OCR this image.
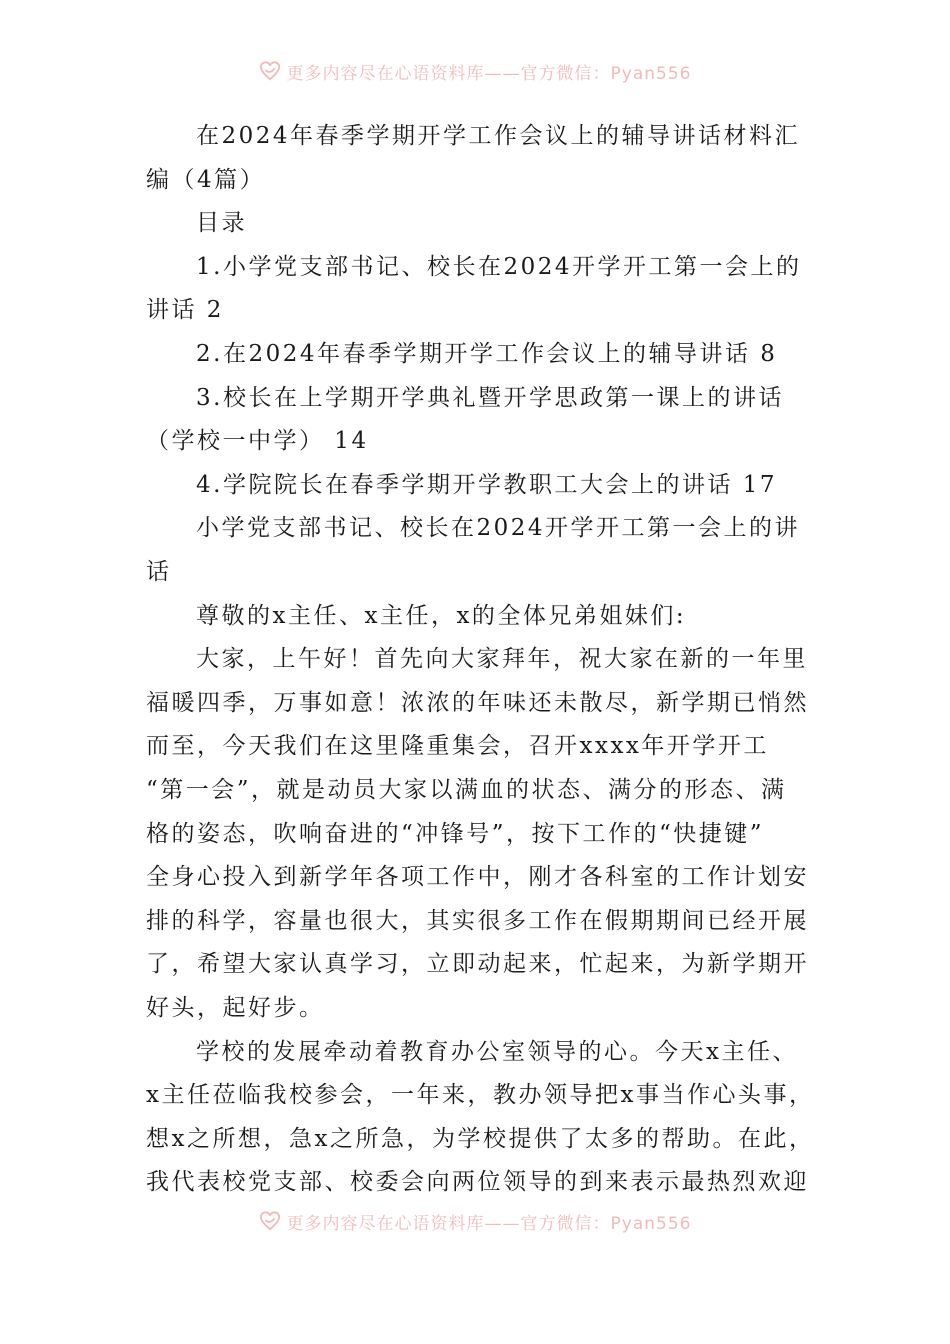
更多内容尽在心语资料库——官方微信：Pyan556
在2024年春季学期开学工作会议上的辅导讲话材料汇
编（4篇）
目录
1.小学党支部书记、校长在2024开学开工第一会上的
讲话 2
2.在2024年春季学期开学工作会议上的辅导讲话 8
3.校长在上学期开学典礼暨开学思政第一课上的讲话
（学校一中学） 14
4.学院院长在春季学期开学教职工大会上的讲话 17
小学党支部书记、校长在2024开学开工第一会上的讲
话
尊敬的x主任、x主任，x的全体兄弟姐妹们:
大家，上午好！首先向大家拜年，祝大家在新的一年里
福暖四季，万事如意！浓浓的年味还未散尽，新学期已悄然
而至，今天我们在这里隆重集会，召开xxxx年开学开工
“第一会”，就是动员大家以满血的状态、满分的形态、满
格的姿态，吹响奋进的“冲锋号”，按下工作的“快捷键”
全身心投入到新学年各项工作中，刚才各科室的工作计划安
排的科学，容量也很大，其实很多工作在假期期间已经开展
了，希望大家认真学习，立即动起来，忙起来，为新学期开
好头，起好步。
学校的发展牵动着教育办公室领导的心。今天x主任、
x主任莅临我校参会，一年来，教办领导把x事当作心头事，
想x之所想，急x之所急，为学校提供了太多的帮助。在此，
我代表校党支部、校委会向两位领导的到来表示最热烈欢迎
更多内容尽在心语资料库——官方微信：Pyan556
